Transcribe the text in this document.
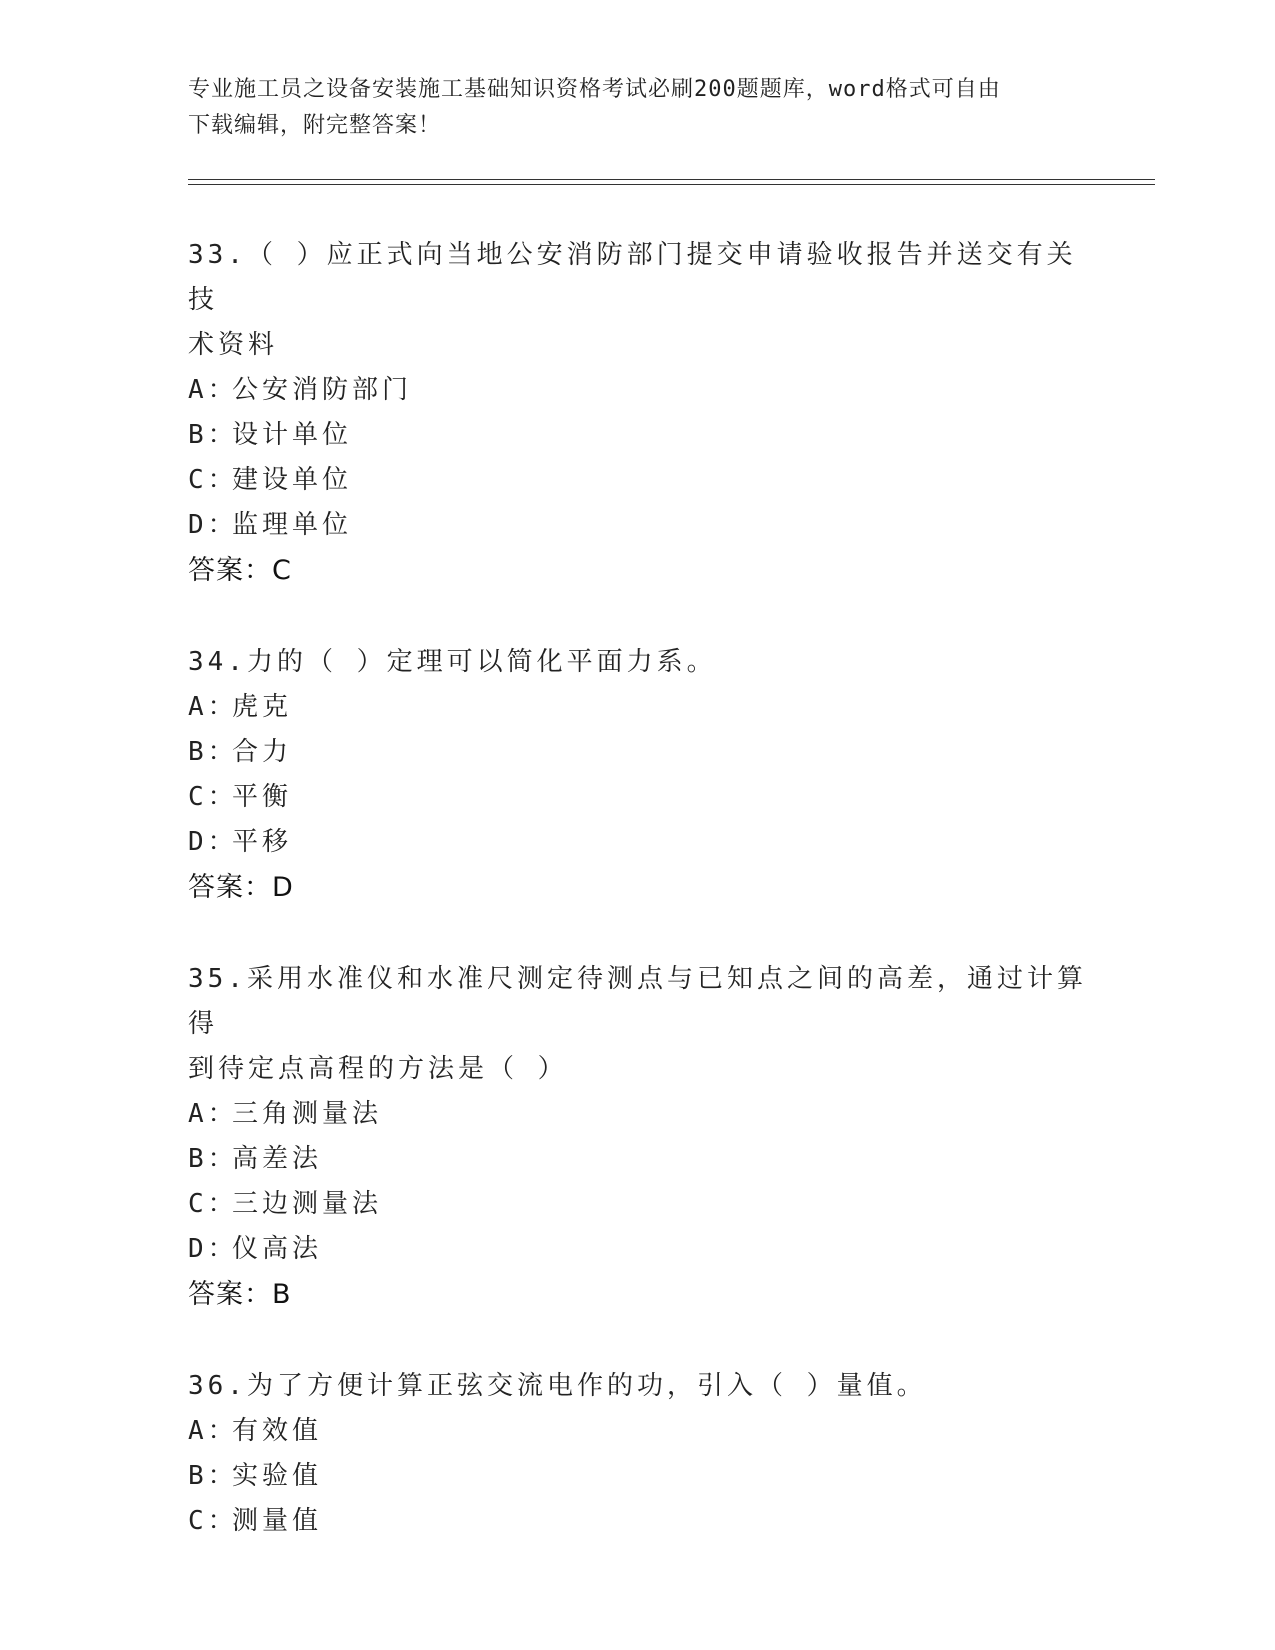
专业施工员之设备安装施工基础知识资格考试必刷200题题库，word格式可自由
下载编辑，附完整答案！
33.（ ）应正式向当地公安消防部门提交申请验收报告并送交有关技
术资料
A：
公安消防部门
B：
设计单位
C：
建设单位
D：
监理单位
答案：C
34.力的（ ）定理可以简化平面力系。
A：
虎克
B：
合力
C：
平衡
D：
平移
答案：D
35.采用水准仪和水准尺测定待测点与已知点之间的高差，通过计算得
到待定点高程的方法是（ ）
A：
三角测量法
B：
高差法
C：
三边测量法
D：
仪高法
答案：B
36.为了方便计算正弦交流电作的功，引入（ ）量值。
A：
有效值
B：
实验值
C：
测量值
